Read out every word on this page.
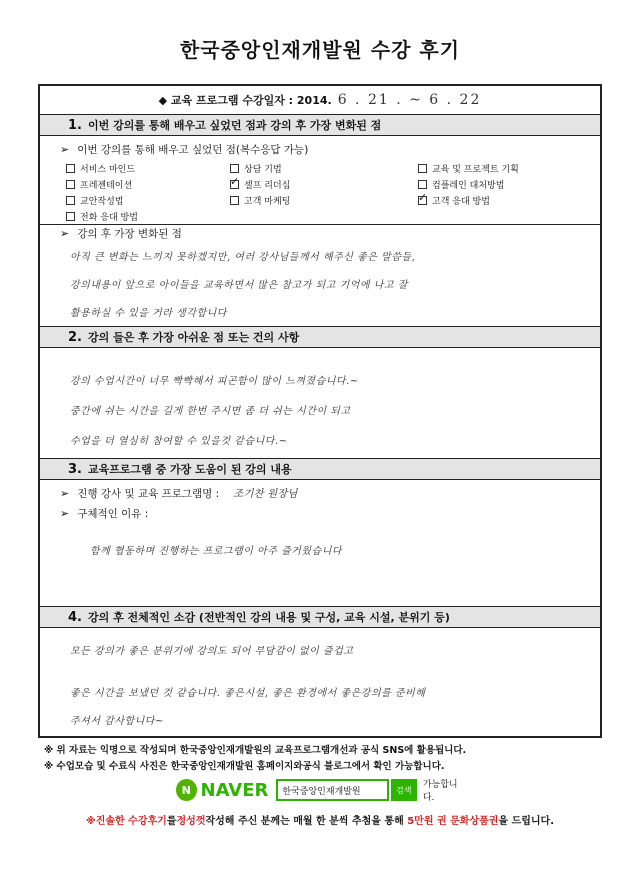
한국중앙인재개발원 수강 후기
◆ 교육 프로그램 수강일자 : 2014. 6 . 21 . ~ 6 . 22
1. 이번 강의를 통해 배우고 싶었던 점과 강의 후 가장 변화된 점
➢ 이번 강의를 통해 배우고 싶었던 점(복수응답 가능)
서비스 마인드	상담 기법	교육 및 프로젝트 기획
프레젠테이션 ✓	셀프 리더십	컴플레인 대처방법
교안작성법	고객 마케팅 ✓	고객 응대 방법
전화 응대 방법
➢ 강의 후 가장 변화된 점
아직 큰 변화는 느끼지 못하겠지만, 여러 강사님들께서 해주신 좋은 말씀들,
강의내용이 앞으로 아이들을 교육하면서 많은 참고가 되고 기억에 나고 잘
활용하실 수 있을 거라 생각합니다
2. 강의 들은 후 가장 아쉬운 점 또는 건의 사항
강의 수업시간이 너무 빡빡해서 피곤함이 많이 느껴졌습니다.~
중간에 쉬는 시간을 길게 한번 주시면 좀 더 쉬는 시간이 되고
수업을 더 열심히 참여할 수 있을것 같습니다.~
3. 교육프로그램 중 가장 도움이 된 강의 내용
➢ 진행 강사 및 교육 프로그램명 : 조기찬 원장님
➢ 구체적인 이유 :
함께 협동하며 진행하는 프로그램이 아주 즐거웠습니다
4. 강의 후 전체적인 소감 (전반적인 강의 내용 및 구성, 교육 시설, 분위기 등)
모든 강의가 좋은 분위기에 강의도 되어 부담감이 없이 즐겁고
좋은 시간을 보냈던 것 같습니다. 좋은시설, 좋은 환경에서 좋은강의를 준비해
주셔서 감사합니다~
※ 위 자료는 익명으로 작성되며 한국중앙인재개발원의 교육프로그램개선과 공식 SNS에 활용됩니다.
※ 수업모습 및 수료식 사진은 한국중앙인재개발원 홈페이지와공식 블로그에서 확인 가능합니다.
N NAVER	한국중앙인재개발원	검색	가능합니다.
※진솔한 수강후기를정성껏작성해 주신 분께는 매월 한 분씩 추첨을 통해 5만원 권 문화상품권을 드립니다.
